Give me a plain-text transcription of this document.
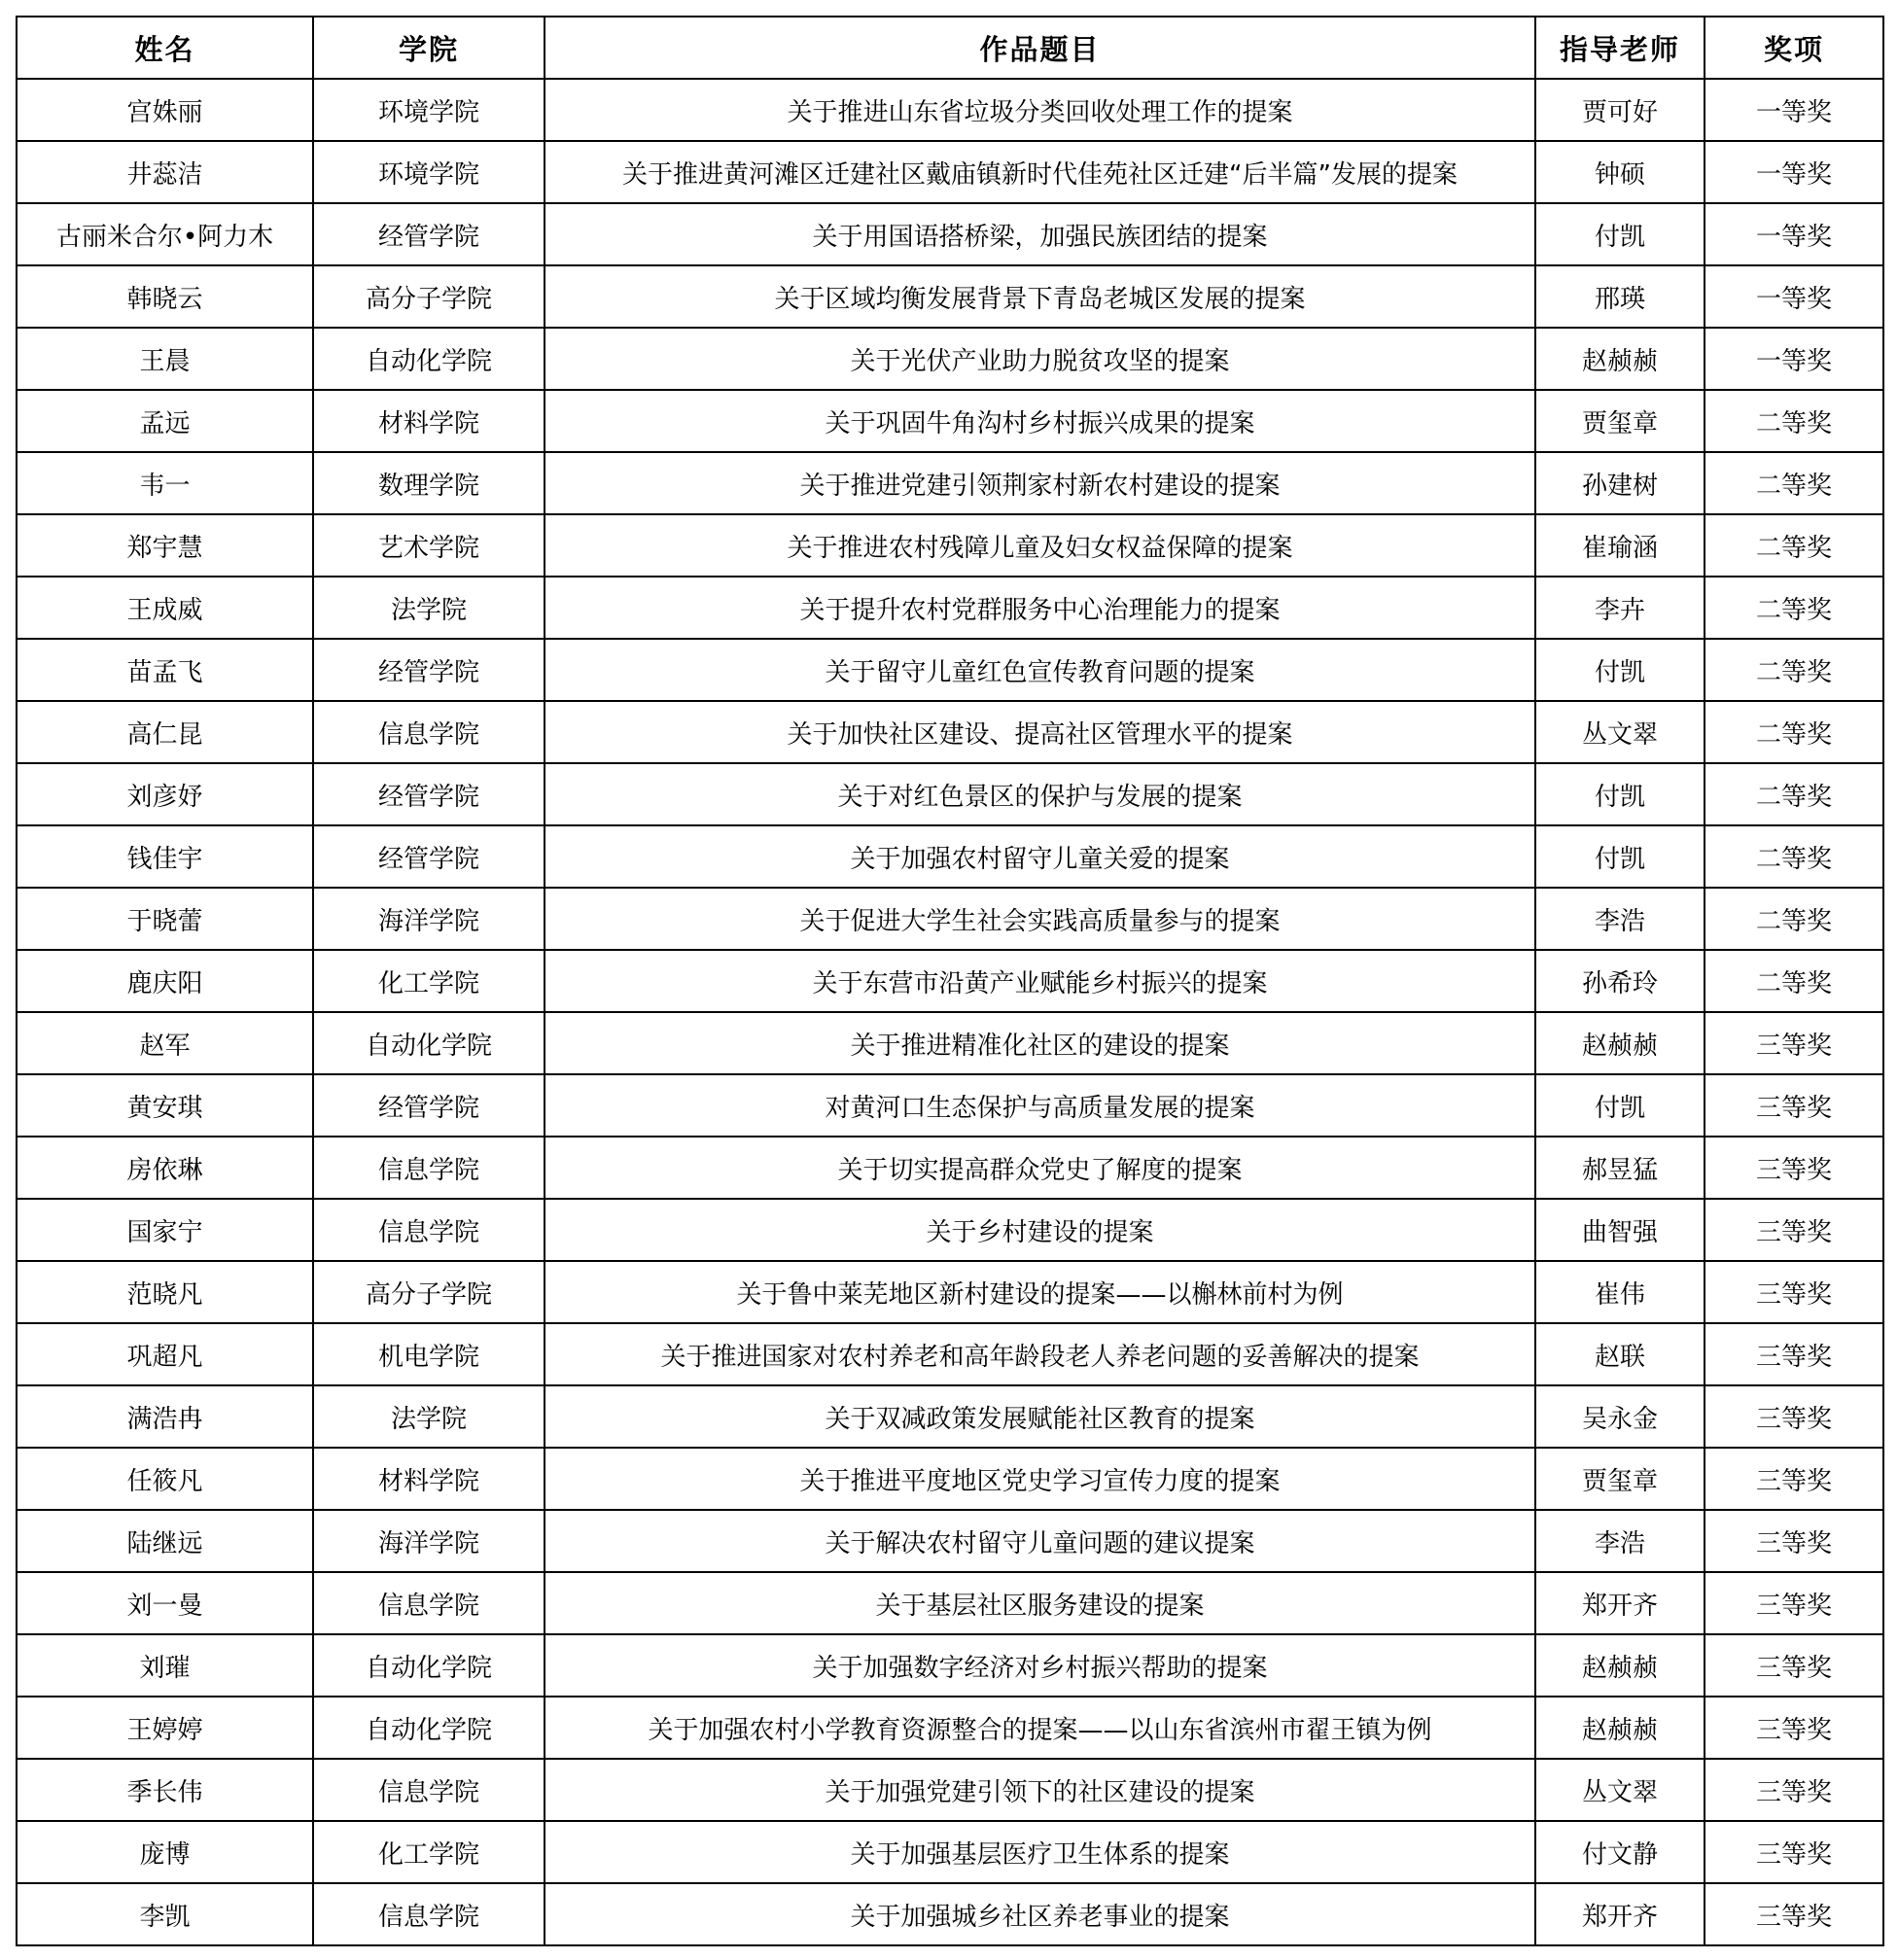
姓名	学院	作品题目	指导老师	奖项
宫姝丽	环境学院	关于推进山东省垃圾分类回收处理工作的提案	贾可好	一等奖
井蕊洁	环境学院	关于推进黄河滩区迁建社区戴庙镇新时代佳苑社区迁建“后半篇”发展的提案	钟硕	一等奖
古丽米合尔•阿力木	经管学院	关于用国语搭桥梁，加强民族团结的提案	付凯	一等奖
韩晓云	高分子学院	关于区域均衡发展背景下青岛老城区发展的提案	邢瑛	一等奖
王晨	自动化学院	关于光伏产业助力脱贫攻坚的提案	赵赪赪	一等奖
孟远	材料学院	关于巩固牛角沟村乡村振兴成果的提案	贾玺章	二等奖
韦一	数理学院	关于推进党建引领荆家村新农村建设的提案	孙建树	二等奖
郑宇慧	艺术学院	关于推进农村残障儿童及妇女权益保障的提案	崔瑜涵	二等奖
王成威	法学院	关于提升农村党群服务中心治理能力的提案	李卉	二等奖
苗孟飞	经管学院	关于留守儿童红色宣传教育问题的提案	付凯	二等奖
高仁昆	信息学院	关于加快社区建设、提高社区管理水平的提案	丛文翠	二等奖
刘彦妤	经管学院	关于对红色景区的保护与发展的提案	付凯	二等奖
钱佳宇	经管学院	关于加强农村留守儿童关爱的提案	付凯	二等奖
于晓蕾	海洋学院	关于促进大学生社会实践高质量参与的提案	李浩	二等奖
鹿庆阳	化工学院	关于东营市沿黄产业赋能乡村振兴的提案	孙希玲	二等奖
赵军	自动化学院	关于推进精准化社区的建设的提案	赵赪赪	三等奖
黄安琪	经管学院	对黄河口生态保护与高质量发展的提案	付凯	三等奖
房依琳	信息学院	关于切实提高群众党史了解度的提案	郝昱猛	三等奖
国家宁	信息学院	关于乡村建设的提案	曲智强	三等奖
范晓凡	高分子学院	关于鲁中莱芜地区新村建设的提案——以槲林前村为例	崔伟	三等奖
巩超凡	机电学院	关于推进国家对农村养老和高年龄段老人养老问题的妥善解决的提案	赵联	三等奖
满浩冉	法学院	关于双减政策发展赋能社区教育的提案	吴永金	三等奖
任筱凡	材料学院	关于推进平度地区党史学习宣传力度的提案	贾玺章	三等奖
陆继远	海洋学院	关于解决农村留守儿童问题的建议提案	李浩	三等奖
刘一曼	信息学院	关于基层社区服务建设的提案	郑开齐	三等奖
刘璀	自动化学院	关于加强数字经济对乡村振兴帮助的提案	赵赪赪	三等奖
王婷婷	自动化学院	关于加强农村小学教育资源整合的提案——以山东省滨州市翟王镇为例	赵赪赪	三等奖
季长伟	信息学院	关于加强党建引领下的社区建设的提案	丛文翠	三等奖
庞博	化工学院	关于加强基层医疗卫生体系的提案	付文静	三等奖
李凯	信息学院	关于加强城乡社区养老事业的提案	郑开齐	三等奖
